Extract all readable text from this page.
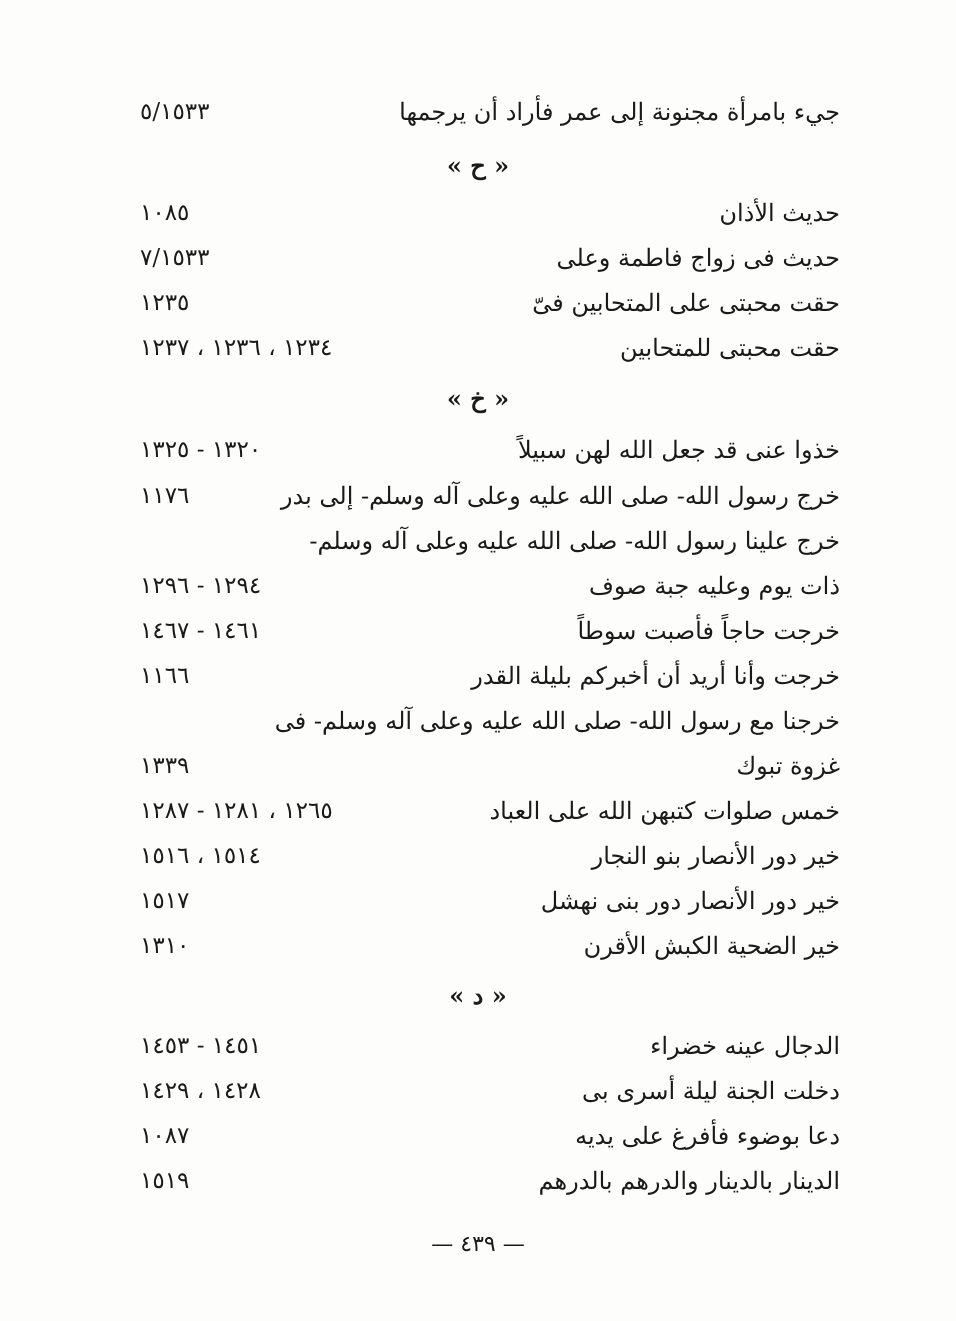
٥/١٥٣٣	جيء بامرأة مجنونة إلى عمر فأراد أن يرجمها
« ح »
١٠٨٥	حديث الأذان
٧/١٥٣٣	حديث فى زواج فاطمة وعلى
١٢٣٥	حقت محبتى على المتحابين فىّ
١٢٣٤ ، ١٢٣٦ ، ١٢٣٧	حقت محبتى للمتحابين
« خ »
١٣٢٠ - ١٣٢٥	خذوا عنى قد جعل الله لهن سبيلاً
١١٧٦	خرج رسول الله- صلى الله عليه وعلى آله وسلم- إلى بدر
خرج علينا رسول الله- صلى الله عليه وعلى آله وسلم-
١٢٩٤ - ١٢٩٦	ذات يوم وعليه جبة صوف
١٤٦١ - ١٤٦٧	خرجت حاجاً فأصبت سوطاً
١١٦٦	خرجت وأنا أريد أن أخبركم بليلة القدر
خرجنا مع رسول الله- صلى الله عليه وعلى آله وسلم- فى
١٣٣٩	غزوة تبوك
١٢٦٥ ، ١٢٨١ - ١٢٨٧	خمس صلوات كتبهن الله على العباد
١٥١٤ ، ١٥١٦	خير دور الأنصار بنو النجار
١٥١٧	خير دور الأنصار دور بنى نهشل
١٣١٠	خير الضحية الكبش الأقرن
« د »
١٤٥١ - ١٤٥٣	الدجال عينه خضراء
١٤٢٨ ، ١٤٢٩	دخلت الجنة ليلة أسرى بى
١٠٨٧	دعا بوضوء فأفرغ على يديه
١٥١٩	الدينار بالدينار والدرهم بالدرهم
— ٤٣٩ —
